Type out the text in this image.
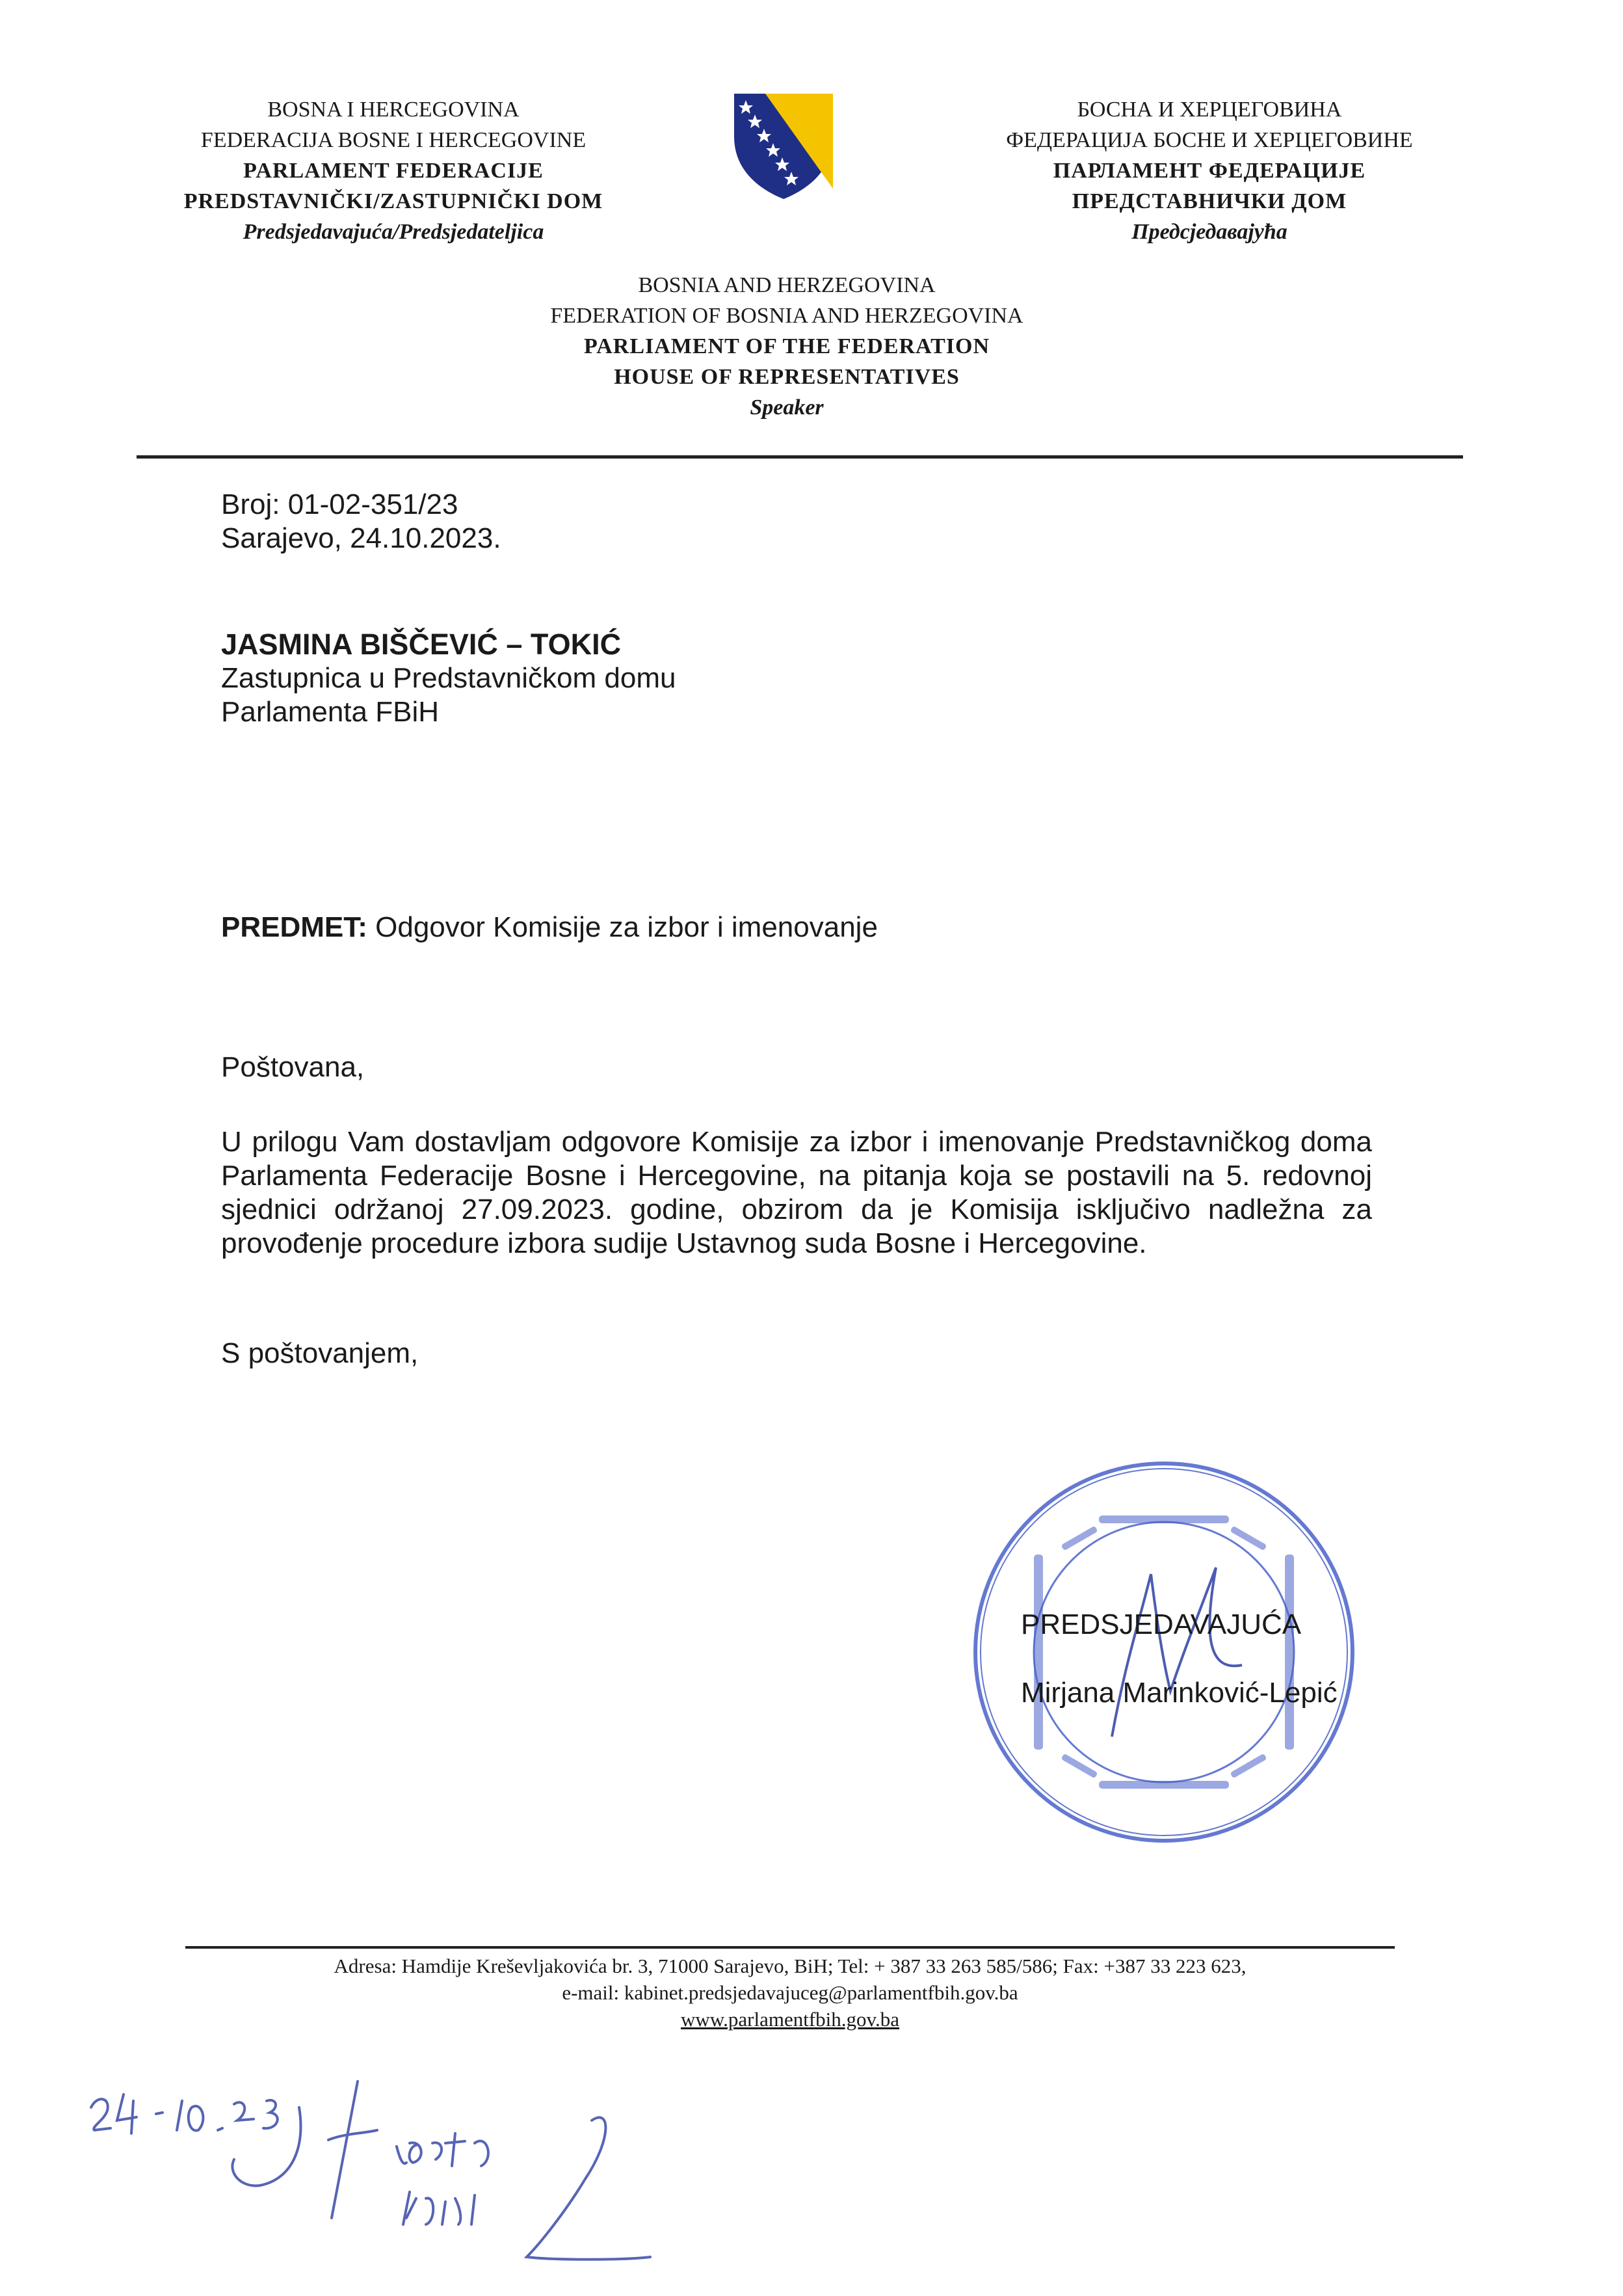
BOSNA I HERCEGOVINA
FEDERACIJA BOSNE I HERCEGOVINE
PARLAMENT FEDERACIJE
PREDSTAVNIČKI/ZASTUPNIČKI DOM
Predsjedavajuća/Predsjedateljica
БОСНА И ХЕРЦЕГОВИНА
ФЕДЕРАЦИЈА БОСНЕ И ХЕРЦЕГОВИНЕ
ПАРЛАМЕНТ ФЕДЕРАЦИЈЕ
ПРЕДСТАВНИЧКИ ДОМ
Предсједавајућа
BOSNIA AND HERZEGOVINA
FEDERATION OF BOSNIA AND HERZEGOVINA
PARLIAMENT OF THE FEDERATION
HOUSE OF REPRESENTATIVES
Speaker
Broj: 01-02-351/23
Sarajevo, 24.10.2023.
JASMINA BIŠČEVIĆ – TOKIĆ
Zastupnica u Predstavničkom domu
Parlamenta FBiH
PREDMET: Odgovor Komisije za izbor i imenovanje
Poštovana,
U prilogu Vam dostavljam odgovore Komisije za izbor i imenovanje Predstavničkog doma Parlamenta Federacije Bosne i Hercegovine, na pitanja koja se postavili na 5. redovnoj sjednici održanoj 27.09.2023. godine, obzirom da je Komisija isključivo nadležna za provođenje procedure izbora sudije Ustavnog suda Bosne i Hercegovine.
S poštovanjem,
PREDSJEDAVAJUĆA
Mirjana Marinković-Lepić
Adresa: Hamdije Kreševljakovića br. 3, 71000 Sarajevo, BiH; Tel: + 387 33 263 585/586; Fax: +387 33 223 623,
e-mail: kabinet.predsjedavajuceg@parlamentfbih.gov.ba
www.parlamentfbih.gov.ba
